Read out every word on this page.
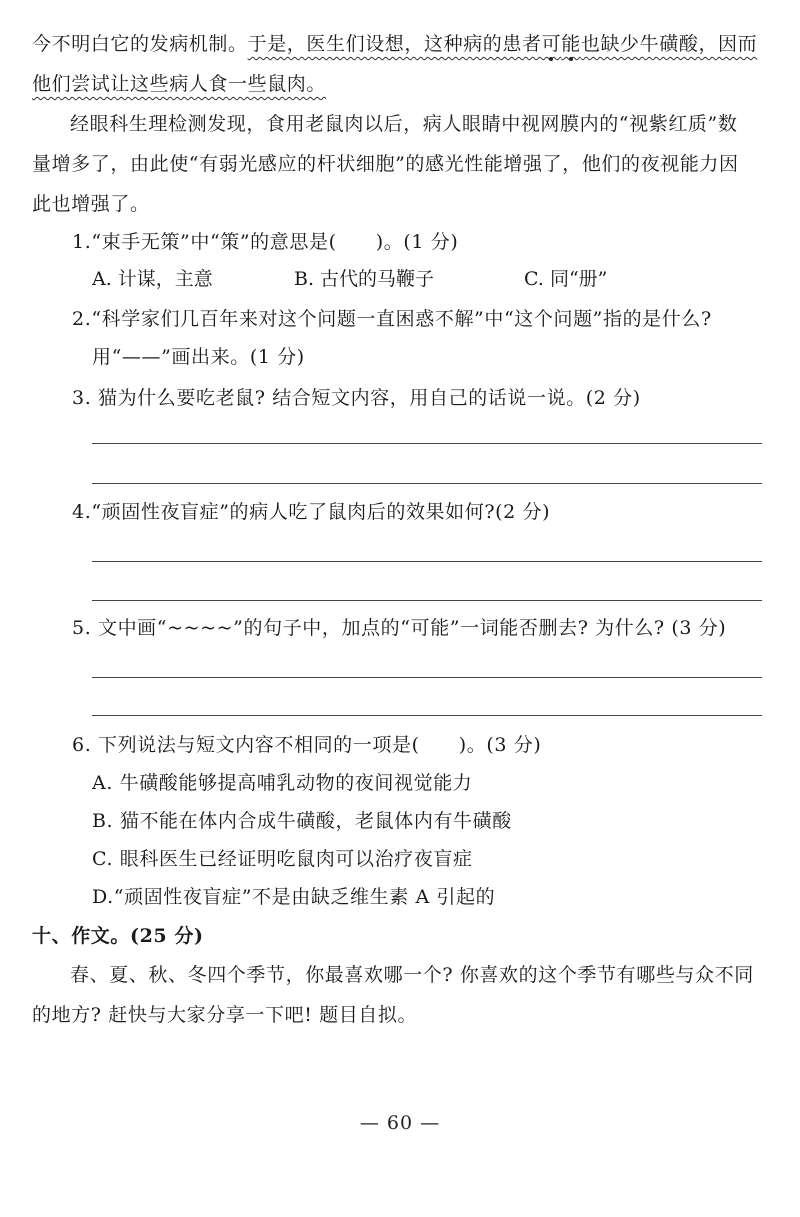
今不明白它的发病机制。于是，医生们设想，这种病的患者可能也缺少牛磺酸，因而
他们尝试让这些病人食一些鼠肉。
经眼科生理检测发现，食用老鼠肉以后，病人眼睛中视网膜内的“视紫红质”数
量增多了，由此使“有弱光感应的杆状细胞”的感光性能增强了，他们的夜视能力因
此也增强了。
1.“束手无策”中“策”的意思是(　　)。(1 分)
A. 计谋，主意	B. 古代的马鞭子	C. 同“册”
2.“科学家们几百年来对这个问题一直困惑不解”中“这个问题”指的是什么?
用“——”画出来。(1 分)
3. 猫为什么要吃老鼠? 结合短文内容，用自己的话说一说。(2 分)
4.“顽固性夜盲症”的病人吃了鼠肉后的效果如何?(2 分)
5. 文中画“~~~~”的句子中，加点的“可能”一词能否删去? 为什么? (3 分)
6. 下列说法与短文内容不相同的一项是(　　)。(3 分)
A. 牛磺酸能够提高哺乳动物的夜间视觉能力
B. 猫不能在体内合成牛磺酸，老鼠体内有牛磺酸
C. 眼科医生已经证明吃鼠肉可以治疗夜盲症
D.“顽固性夜盲症”不是由缺乏维生素 A 引起的
十、作文。(25 分)
春、夏、秋、冬四个季节，你最喜欢哪一个? 你喜欢的这个季节有哪些与众不同
的地方? 赶快与大家分享一下吧! 题目自拟。
— 60 —
